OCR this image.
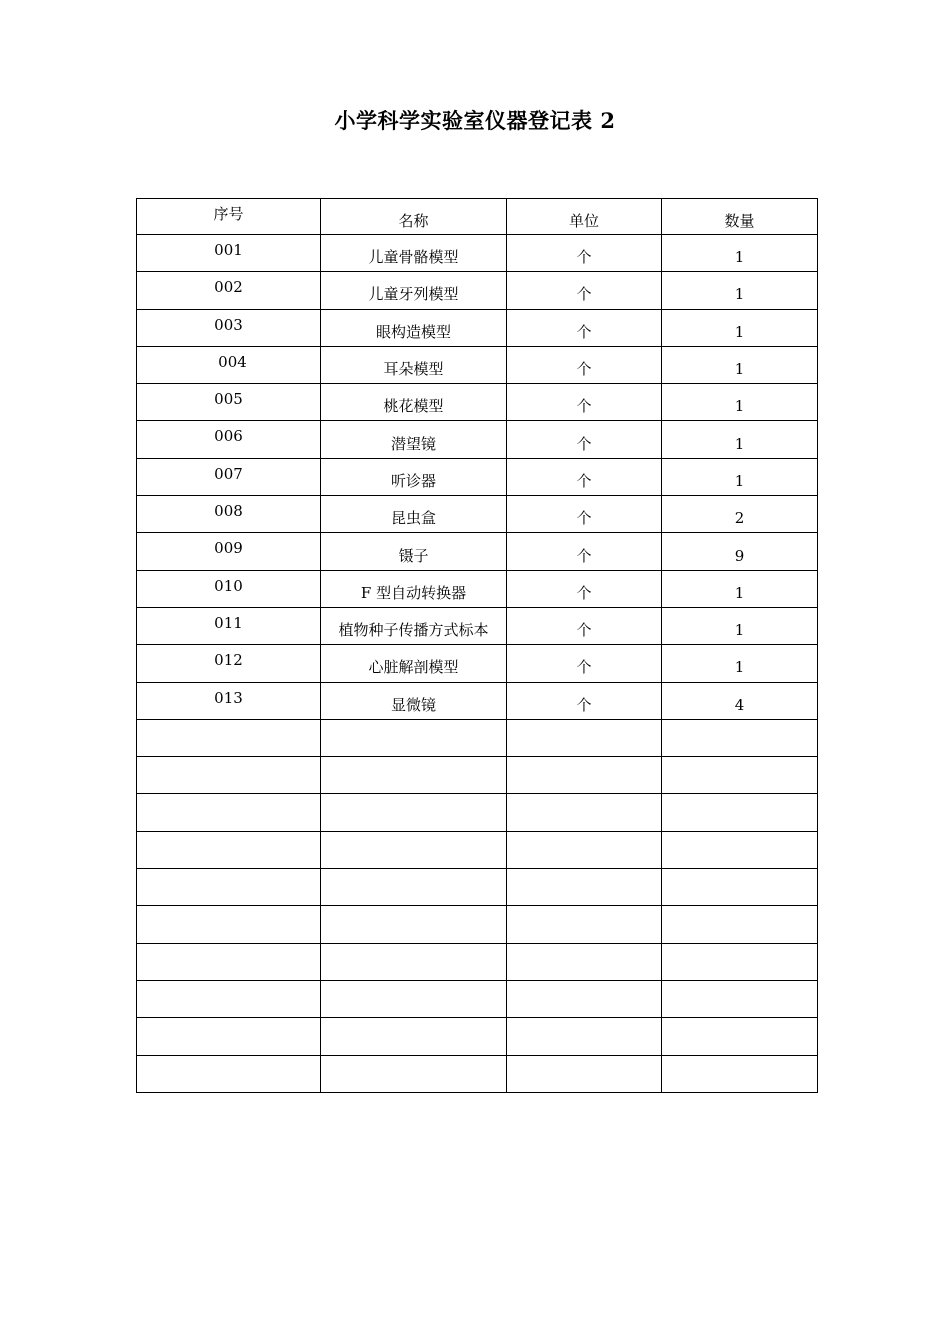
小学科学实验室仪器登记表 2
序号	名称	单位	数量
001	儿童骨骼模型	个	1
002	儿童牙列模型	个	1
003	眼构造模型	个	1
004	耳朵模型	个	1
005	桃花模型	个	1
006	潜望镜	个	1
007	听诊器	个	1
008	昆虫盒	个	2
009	镊子	个	9
010	F 型自动转换器	个	1
011	植物种子传播方式标本	个	1
012	心脏解剖模型	个	1
013	显微镜	个	4
